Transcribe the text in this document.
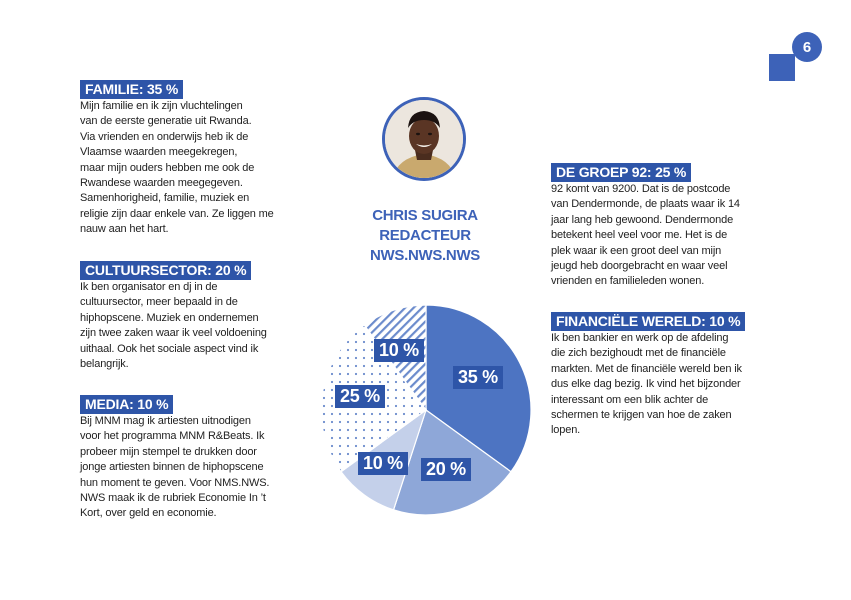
6
FAMILIE: 35 %

Mijn familie en ik zijn vluchtelingen
van de eerste generatie uit Rwanda.
Via vrienden en onderwijs heb ik de
Vlaamse waarden meegekregen,
maar mijn ouders hebben me ook de
Rwandese waarden meegegeven.
Samenhorigheid, familie, muziek en
religie zijn daar enkele van. Ze liggen me
nauw aan het hart.

CULTUURSECTOR: 20 %

Ik ben organisator en dj in de
cultuursector, meer bepaald in de
hiphopscene. Muziek en ondernemen
zijn twee zaken waar ik veel voldoening
uithaal. Ook het sociale aspect vind ik
belangrijk.

MEDIA: 10 %

Bij MNM mag ik artiesten uitnodigen
voor het programma MNM R&Beats. Ik
probeer mijn stempel te drukken door
jonge artiesten binnen de hiphopscene
hun moment te geven. Voor NMS.NWS.
NWS maak ik de rubriek Economie In ’t
Kort, over geld en economie.

DE GROEP 92: 25 %

92 komt van 9200. Dat is de postcode
van Dendermonde, de plaats waar ik 14
jaar lang heb gewoond. Dendermonde
betekent heel veel voor me. Het is de
plek waar ik een groot deel van mijn
jeugd heb doorgebracht en waar veel
vrienden en familieleden wonen.

FINANCIËLE WERELD: 10 %

Ik ben bankier en werk op de afdeling
die zich bezighoudt met de financiële
markten. Met de financiële wereld ben ik
dus elke dag bezig. Ik vind het bijzonder
interessant om een blik achter de
schermen te krijgen van hoe de zaken
lopen.

CHRIS SUGIRA
REDACTEUR
NWS.NWS.NWS
35 %
20 %
10 %
25 %
10 %
